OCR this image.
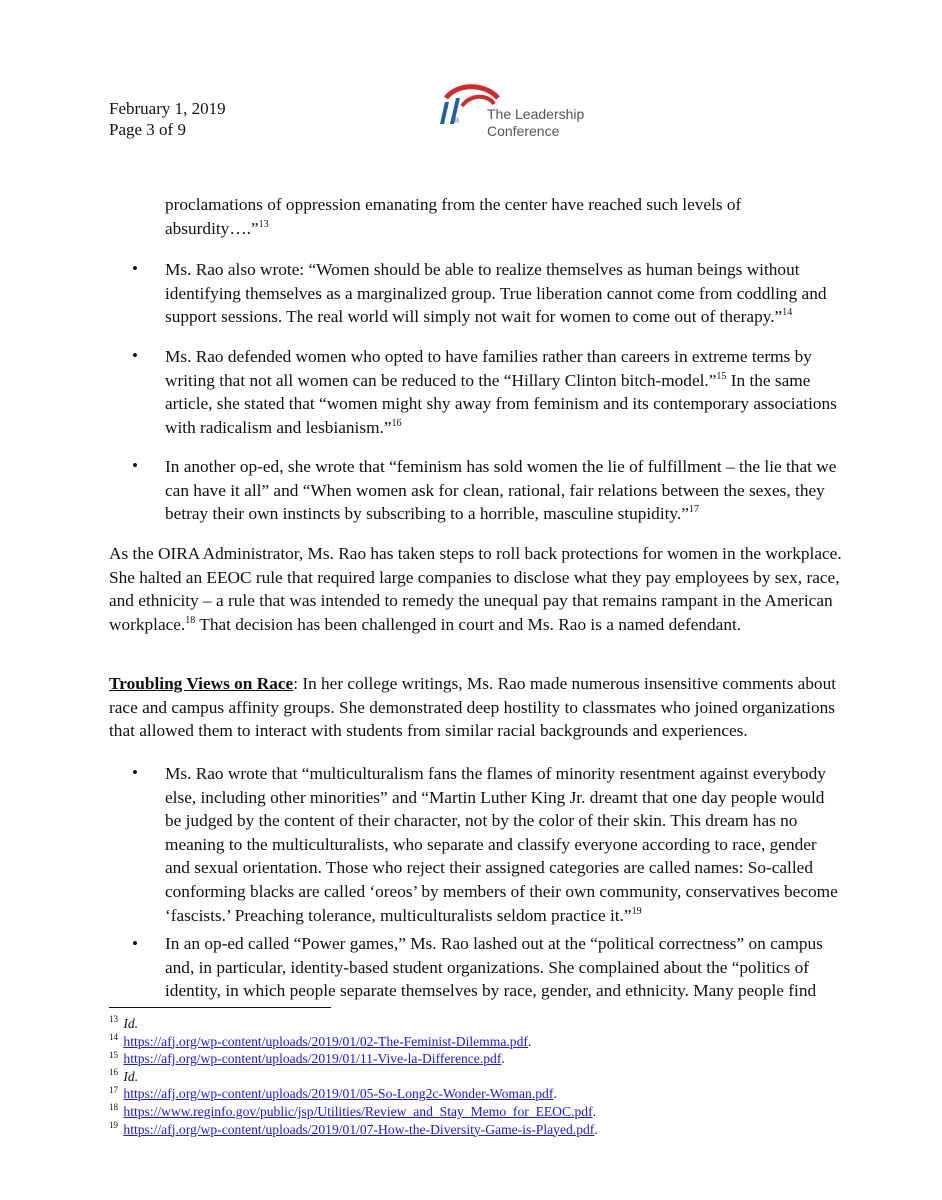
February 1, 2019
Page 3 of 9	® The Leadership
Conference
proclamations of oppression emanating from the center have reached such levels of absurdity….”$^{13}$
• Ms. Rao also wrote: “Women should be able to realize themselves as human beings without identifying themselves as a marginalized group. True liberation cannot come from coddling and support sessions. The real world will simply not wait for women to come out of therapy.”$^{14}$
• Ms. Rao defended women who opted to have families rather than careers in extreme terms by writing that not all women can be reduced to the “Hillary Clinton bitch-model.”$^{15}$ In the same article, she stated that “women might shy away from feminism and its contemporary associations with radicalism and lesbianism.”$^{16}$
• In another op-ed, she wrote that “feminism has sold women the lie of fulfillment – the lie that we can have it all” and “When women ask for clean, rational, fair relations between the sexes, they betray their own instincts by subscribing to a horrible, masculine stupidity.”$^{17}$
As the OIRA Administrator, Ms. Rao has taken steps to roll back protections for women in the workplace. She halted an EEOC rule that required large companies to disclose what they pay employees by sex, race, and ethnicity – a rule that was intended to remedy the unequal pay that remains rampant in the American workplace.$^{18}$ That decision has been challenged in court and Ms. Rao is a named defendant.
Troubling Views on Race: In her college writings, Ms. Rao made numerous insensitive comments about race and campus affinity groups. She demonstrated deep hostility to classmates who joined organizations that allowed them to interact with students from similar racial backgrounds and experiences.
• Ms. Rao wrote that “multiculturalism fans the flames of minority resentment against everybody else, including other minorities” and “Martin Luther King Jr. dreamt that one day people would be judged by the content of their character, not by the color of their skin. This dream has no meaning to the multiculturalists, who separate and classify everyone according to race, gender and sexual orientation. Those who reject their assigned categories are called names: So-called conforming blacks are called ‘oreos’ by members of their own community, conservatives become ‘fascists.’ Preaching tolerance, multiculturalists seldom practice it.”$^{19}$
• In an op-ed called “Power games,” Ms. Rao lashed out at the “political correctness” on campus and, in particular, identity-based student organizations. She complained about the “politics of identity, in which people separate themselves by race, gender, and ethnicity. Many people find
$^{13}$ Id.
$^{14}$ https://afj.org/wp-content/uploads/2019/01/02-The-Feminist-Dilemma.pdf.
$^{15}$ https://afj.org/wp-content/uploads/2019/01/11-Vive-la-Difference.pdf.
$^{16}$ Id.
$^{17}$ https://afj.org/wp-content/uploads/2019/01/05-So-Long2c-Wonder-Woman.pdf.
$^{18}$ https://www.reginfo.gov/public/jsp/Utilities/Review_and_Stay_Memo_for_EEOC.pdf.
$^{19}$ https://afj.org/wp-content/uploads/2019/01/07-How-the-Diversity-Game-is-Played.pdf.
